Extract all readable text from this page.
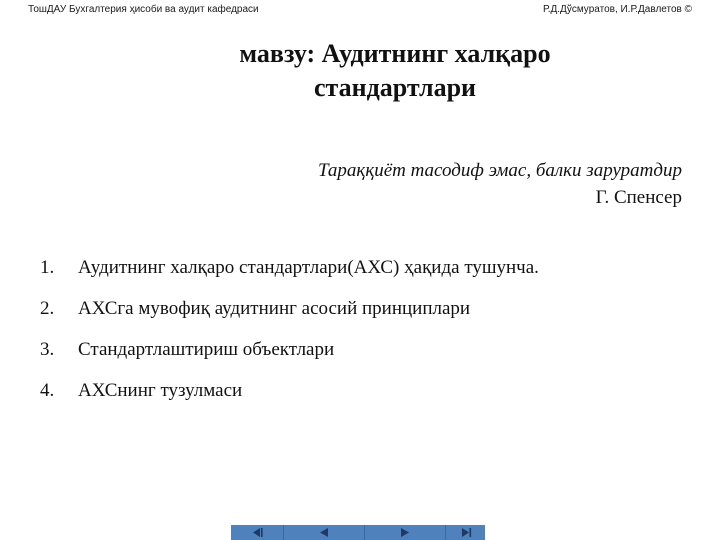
ТошДАУ Бухгалтерия ҳисоби ва аудит кафедраси	Р.Д.Дўсмуратов, И.Р.Давлетов ©
мавзу: Аудитнинг халқаро
стандартлари
Тараққиёт тасодиф эмас, балки заруратдир
Г. Спенсер
1. Аудитнинг халқаро стандартлари(АХС) ҳақида тушунча.
2. АХСга мувофиқ аудитнинг асосий принциплари
3. Стандартлаштириш объектлари
4. АХСнинг тузулмаси
